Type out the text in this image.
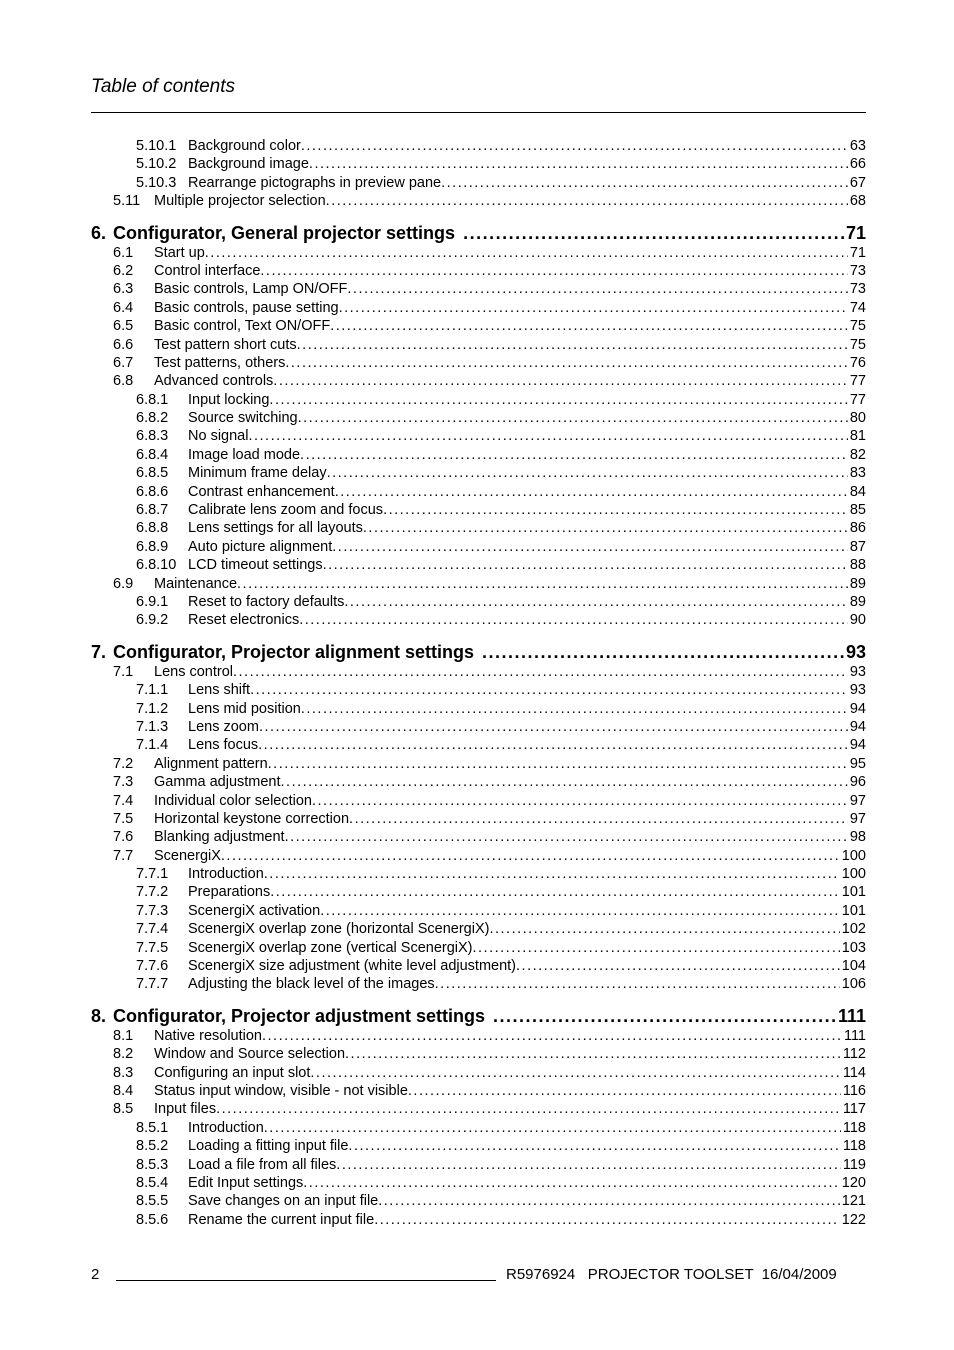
Table of contents
5.10.1 Background color .....	63
5.10.2 Background image .....	66
5.10.3 Rearrange pictographs in preview pane .....	67
5.11 Multiple projector selection .....	68
6. Configurator, General projector settings .....	71
6.1	Start up .....	71
6.2	Control interface .....	73
6.3	Basic controls, Lamp ON/OFF .....	73
6.4	Basic controls, pause setting .....	74
6.5	Basic control, Text ON/OFF .....	75
6.6	Test pattern short cuts .....	75
6.7	Test patterns, others .....	76
6.8	Advanced controls .....	77
6.8.1	Input locking .....	77
6.8.2	Source switching .....	80
6.8.3	No signal .....	81
6.8.4	Image load mode .....	82
6.8.5	Minimum frame delay .....	83
6.8.6	Contrast enhancement .....	84
6.8.7	Calibrate lens zoom and focus .....	85
6.8.8	Lens settings for all layouts .....	86
6.8.9	Auto picture alignment .....	87
6.8.10 LCD timeout settings .....	88
6.9	Maintenance .....	89
6.9.1	Reset to factory defaults .....	89
6.9.2	Reset electronics .....	90
7. Configurator, Projector alignment settings .....	93
7.1	Lens control .....	93
7.1.1	Lens shift .....	93
7.1.2	Lens mid position .....	94
7.1.3	Lens zoom .....	94
7.1.4	Lens focus .....	94
7.2	Alignment pattern .....	95
7.3	Gamma adjustment .....	96
7.4	Individual color selection .....	97
7.5	Horizontal keystone correction .....	97
7.6	Blanking adjustment .....	98
7.7	ScenergiX .....	100
7.7.1	Introduction .....	100
7.7.2	Preparations .....	101
7.7.3	ScenergiX activation .....	101
7.7.4	ScenergiX overlap zone (horizontal ScenergiX) .....	102
7.7.5	ScenergiX overlap zone (vertical ScenergiX) .....	103
7.7.6	ScenergiX size adjustment (white level adjustment) .....	104
7.7.7	Adjusting the black level of the images .....	106
8. Configurator, Projector adjustment settings .....	111
8.1	Native resolution .....	111
8.2	Window and Source selection .....	112
8.3	Configuring an input slot .....	114
8.4	Status input window, visible - not visible .....	116
8.5	Input files .....	117
8.5.1	Introduction .....	118
8.5.2	Loading a fitting input file .....	118
8.5.3	Load a file from all files .....	119
8.5.4	Edit Input settings .....	120
8.5.5	Save changes on an input file .....	121
8.5.6	Rename the current input file .....	122
2	R5976924   PROJECTOR TOOLSET  16/04/2009
